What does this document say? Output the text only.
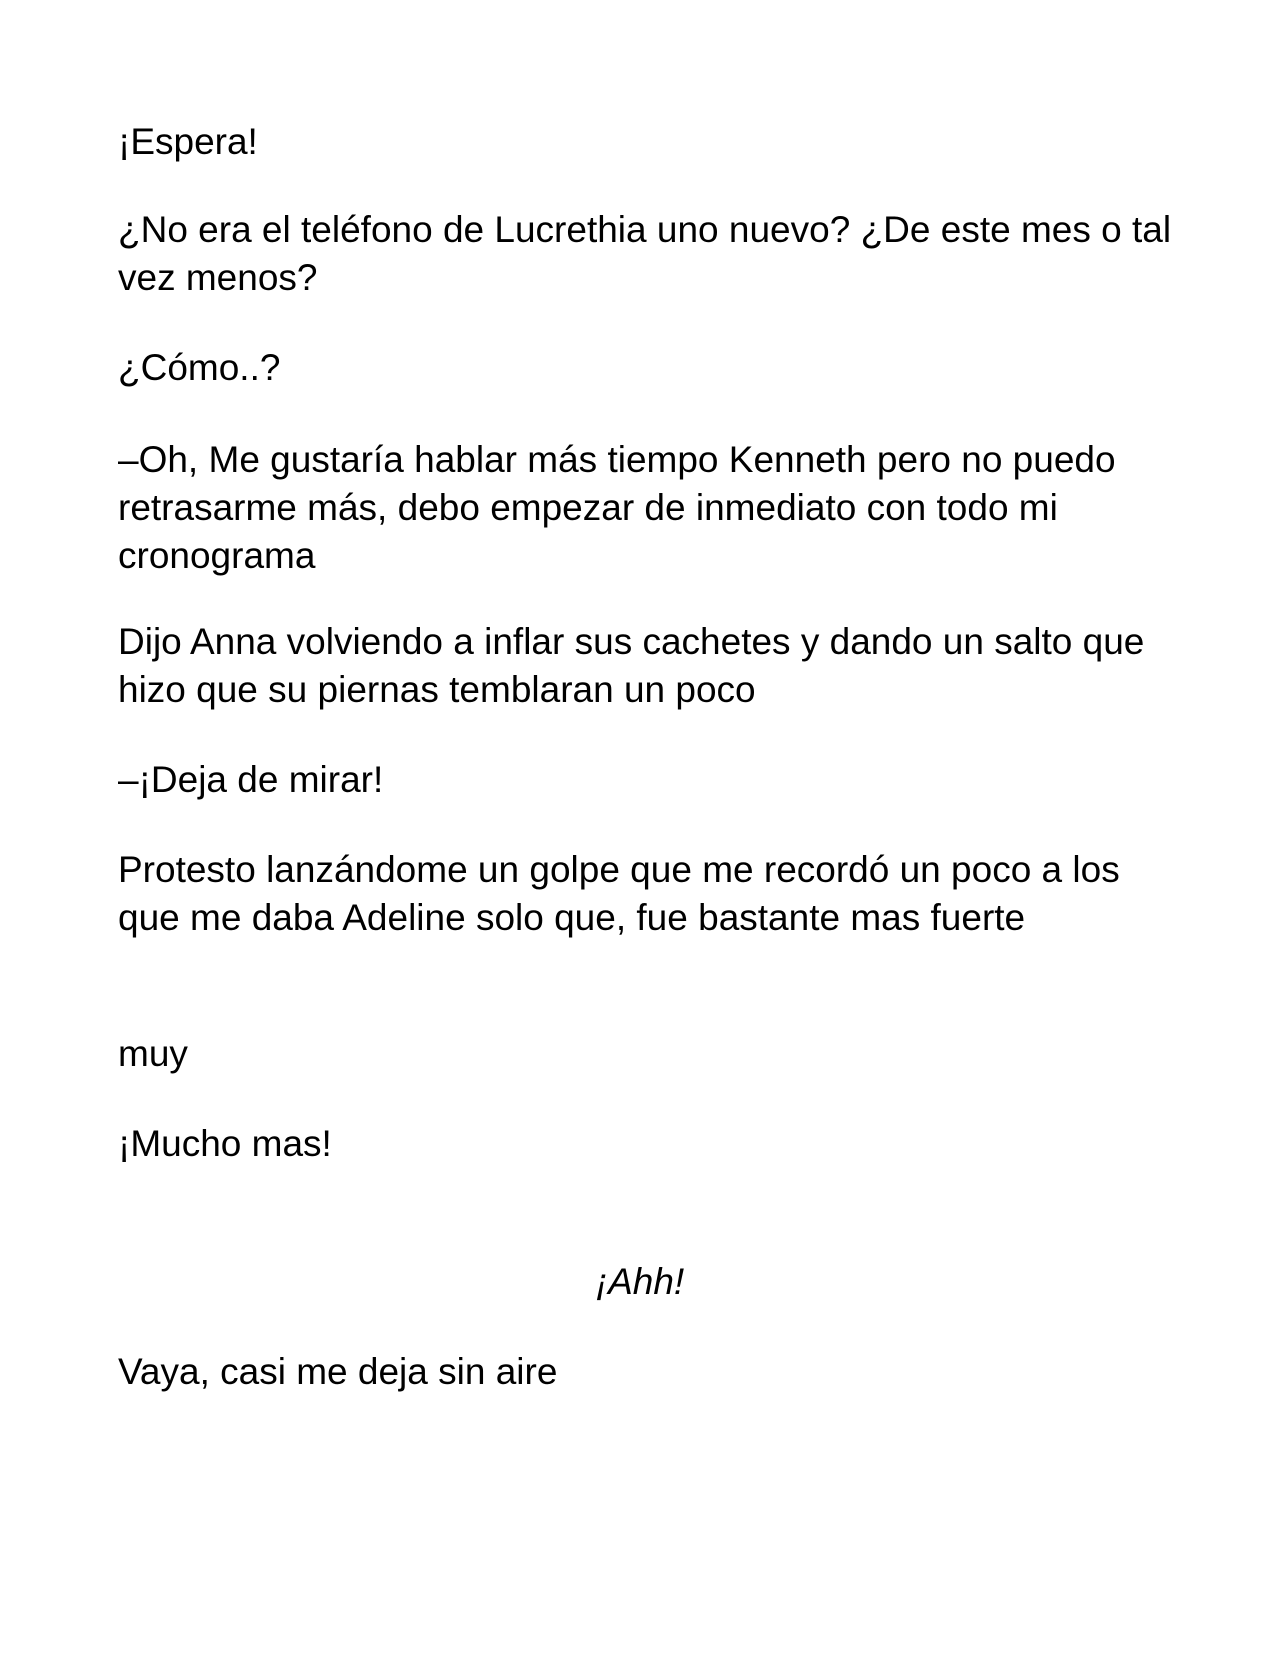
¡Espera!

¿No era el teléfono de Lucrethia uno nuevo? ¿De este mes o tal vez menos?

¿Cómo..?

–Oh, Me gustaría hablar más tiempo Kenneth pero no puedo retrasarme más, debo empezar de inmediato con todo mi cronograma

Dijo Anna volviendo a inflar sus cachetes y dando un salto que hizo que su piernas temblaran un poco

–¡Deja de mirar!

Protesto lanzándome un golpe que me recordó un poco a los que me daba Adeline solo que, fue bastante mas fuerte

muy

¡Mucho mas!

¡Ahh!

Vaya, casi me deja sin aire
